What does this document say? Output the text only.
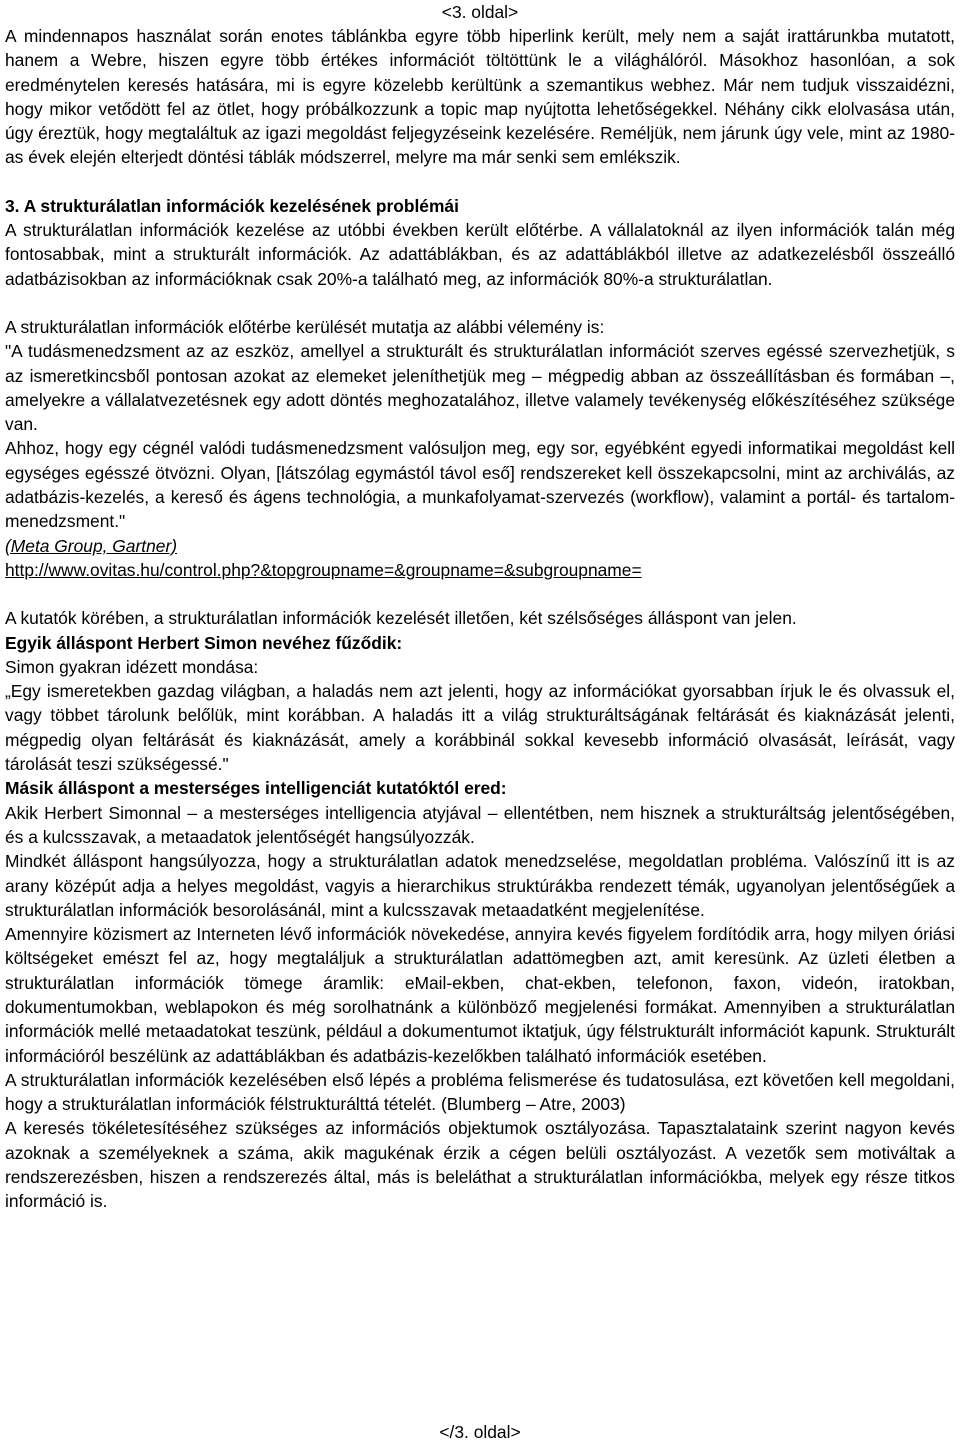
<3. oldal>

A mindennapos használat során enotes táblánkba egyre több hiperlink került, mely nem a saját irattárunkba mutatott, hanem a Webre, hiszen egyre több értékes információt töltöttünk le a világhálóról. Másokhoz hasonlóan, a sok eredménytelen keresés hatására, mi is egyre közelebb kerültünk a szemantikus webhez. Már nem tudjuk visszaidézni, hogy mikor vetődött fel az ötlet, hogy próbálkozzunk a topic map nyújtotta lehetőségekkel. Néhány cikk elolvasása után, úgy éreztük, hogy megtaláltuk az igazi megoldást feljegyzéseink kezelésére. Reméljük, nem járunk úgy vele, mint az 1980-as évek elején elterjedt döntési táblák módszerrel, melyre ma már senki sem emlékszik.

3. A strukturálatlan információk kezelésének problémái

A strukturálatlan információk kezelése az utóbbi években került előtérbe. A vállalatoknál az ilyen információk talán még fontosabbak, mint a strukturált információk. Az adattáblákban, és az adattáblákból illetve az adatkezelésből összeálló adatbázisokban az információknak csak 20%-a található meg, az információk 80%-a strukturálatlan.

A strukturálatlan információk előtérbe kerülését mutatja az alábbi vélemény is:

"A tudásmenedzsment az az eszköz, amellyel a strukturált és strukturálatlan információt szerves egéssé szervezhetjük, s az ismeretkincsből pontosan azokat az elemeket jeleníthetjük meg – mégpedig abban az összeállításban és formában –, amelyekre a vállalatvezetésnek egy adott döntés meghozatalához, illetve valamely tevékenység előkészítéséhez szüksége van.

Ahhoz, hogy egy cégnél valódi tudásmenedzsment valósuljon meg, egy sor, egyébként egyedi informatikai megoldást kell egységes egésszé ötvözni. Olyan, [látszólag egymástól távol eső] rendszereket kell összekapcsolni, mint az archiválás, az adatbázis-kezelés, a kereső és ágens technológia, a munkafolyamat-szervezés (workflow), valamint a portál- és tartalom-menedzsment."

(Meta Group, Gartner)

http://www.ovitas.hu/control.php?&topgroupname=&groupname=&subgroupname=

A kutatók körében, a strukturálatlan információk kezelését illetően, két szélsőséges álláspont van jelen.

Egyik álláspont Herbert Simon nevéhez fűződik:

Simon gyakran idézett mondása:

„Egy ismeretekben gazdag világban, a haladás nem azt jelenti, hogy az információkat gyorsabban írjuk le és olvassuk el, vagy többet tárolunk belőlük, mint korábban. A haladás itt a világ strukturáltságának feltárását és kiaknázását jelenti, mégpedig olyan feltárását és kiaknázását, amely a korábbinál sokkal kevesebb információ olvasását, leírását, vagy tárolását teszi szükségessé."

Másik álláspont a mesterséges intelligenciát kutatóktól ered:

Akik Herbert Simonnal – a mesterséges intelligencia atyjával – ellentétben, nem hisznek a strukturáltság jelentőségében, és a kulcsszavak, a metaadatok jelentőségét hangsúlyozzák.

Mindkét álláspont hangsúlyozza, hogy a strukturálatlan adatok menedzselése, megoldatlan probléma. Valószínű itt is az arany középút adja a helyes megoldást, vagyis a hierarchikus struktúrákba rendezett témák, ugyanolyan jelentőségűek a strukturálatlan információk besorolásánál, mint a kulcsszavak metaadatként megjelenítése.

Amennyire közismert az Interneten lévő információk növekedése, annyira kevés figyelem fordítódik arra, hogy milyen óriási költségeket emészt fel az, hogy megtaláljuk a strukturálatlan adattömegben azt, amit keresünk. Az üzleti életben a strukturálatlan információk tömege áramlik: eMail-ekben, chat-ekben, telefonon, faxon, videón, iratokban, dokumentumokban, weblapokon és még sorolhatnánk a különböző megjelenési formákat. Amennyiben a strukturálatlan információk mellé metaadatokat teszünk, például a dokumentumot iktatjuk, úgy félstrukturált információt kapunk. Strukturált információról beszélünk az adattáblákban és adatbázis-kezelőkben található információk esetében.

A strukturálatlan információk kezelésében első lépés a probléma felismerése és tudatosulása, ezt követően kell megoldani, hogy a strukturálatlan információk félstrukturálttá tételét. (Blumberg – Atre, 2003)

A keresés tökéletesítéséhez szükséges az információs objektumok osztályozása. Tapasztalataink szerint nagyon kevés azoknak a személyeknek a száma, akik magukénak érzik a cégen belüli osztályozást. A vezetők sem motiváltak a rendszerezésben, hiszen a rendszerezés által, más is beleláthat a strukturálatlan információkba, melyek egy része titkos információ is.

</3. oldal>
